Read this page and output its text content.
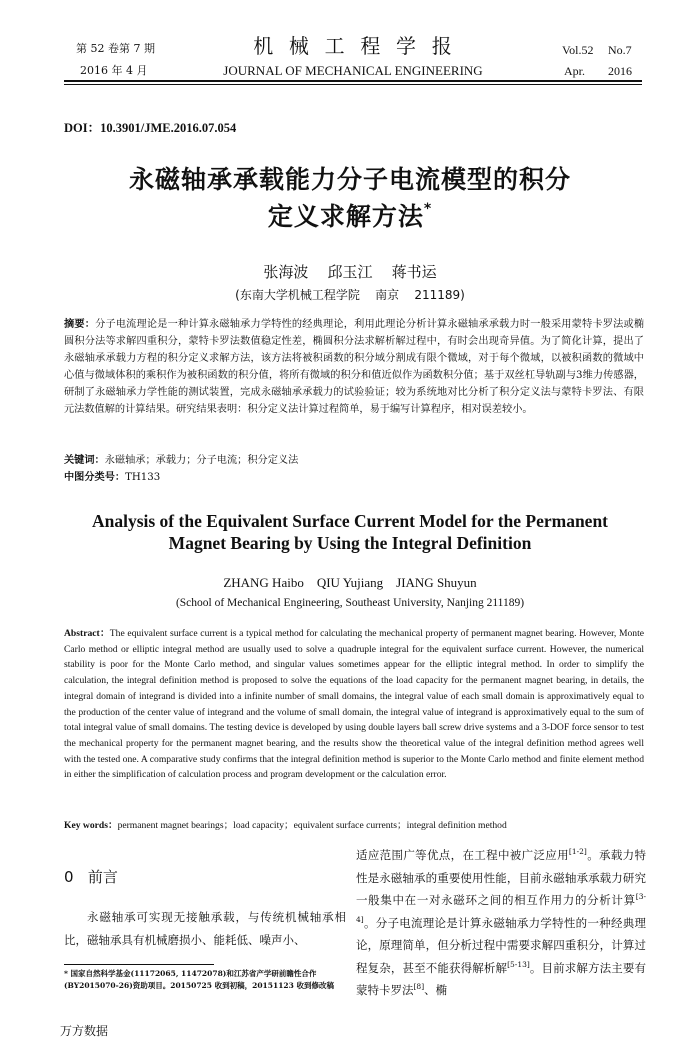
第 52 卷第 7 期
2016 年 4 月
机  械  工  程  学  报
JOURNAL OF MECHANICAL ENGINEERING
Vol.52 No.7
Apr. 2016
DOI：10.3901/JME.2016.07.054
永磁轴承承载能力分子电流模型的积分
定义求解方法*
张海波    邱玉江    蒋书运
(东南大学机械工程学院    南京    211189)
摘要：分子电流理论是一种计算永磁轴承力学特性的经典理论，利用此理论分析计算永磁轴承承载力时一般采用蒙特卡罗法或椭圆积分法等求解四重积分，蒙特卡罗法数值稳定性差，椭圆积分法求解析解过程中，有时会出现奇异值。为了简化计算，提出了永磁轴承承载力方程的积分定义求解方法，该方法将被积函数的积分域分割成有限个微域，对于每个微域，以被积函数的微域中心值与微域体积的乘积作为被积函数的积分值，将所有微域的积分和值近似作为函数积分值；基于双丝杠导轨副与3维力传感器，研制了永磁轴承力学性能的测试装置，完成永磁轴承承载力的试验验证；较为系统地对比分析了积分定义法与蒙特卡罗法、有限元法数值解的计算结果。研究结果表明：积分定义法计算过程简单，易于编写计算程序，相对误差较小。
关键词：永磁轴承；承载力；分子电流；积分定义法
中图分类号：TH133
Analysis of the Equivalent Surface Current Model for the Permanent
Magnet Bearing by Using the Integral Definition
ZHANG Haibo    QIU Yujiang    JIANG Shuyun
(School of Mechanical Engineering, Southeast University, Nanjing 211189)
Abstract：The equivalent surface current is a typical method for calculating the mechanical property of permanent magnet bearing. However, Monte Carlo method or elliptic integral method are usually used to solve a quadruple integral for the equivalent surface current. However, the numerical stability is poor for the Monte Carlo method, and singular values sometimes appear for the elliptic integral method. In order to simplify the calculation, the integral definition method is proposed to solve the equations of the load capacity for the permanent magnet bearing, in details, the integral domain of integrand is divided into a infinite number of small domains, the integral value of each small domain is approximatively equal to the production of the center value of integrand and the volume of small domain, the integral value of integrand is approximatively equal to the sum of total integral value of small domains. The testing device is developed by using double layers ball screw drive systems and a 3-DOF force sensor to test the mechanical property for the permanent magnet bearing, and the results show the theoretical value of the integral definition method agrees well with the tested one. A comparative study confirms that the integral definition method is superior to the Monte Carlo method and finite element method in either the simplification of calculation process and program development or the calculation error.
Key words：permanent magnet bearings；load capacity；equivalent surface currents；integral definition method
0   前言
永磁轴承可实现无接触承载，与传统机械轴承相比，磁轴承具有机械磨损小、能耗低、噪声小、
* 国家自然科学基金(11172065, 11472078)和江苏省产学研前瞻性合作(BY2015070-26)资助项目。20150725 收到初稿，20151123 收到修改稿
适应范围广等优点，在工程中被广泛应用[1-2]。承载力特性是永磁轴承的重要使用性能，目前永磁轴承承载力研究一般集中在一对永磁环之间的相互作用力的分析计算[3-4]。分子电流理论是计算永磁轴承力学特性的一种经典理论，原理简单，但分析过程中需要求解四重积分，计算过程复杂，甚至不能获得解析解[5-13]。目前求解方法主要有蒙特卡罗法[8]、椭
万方数据
